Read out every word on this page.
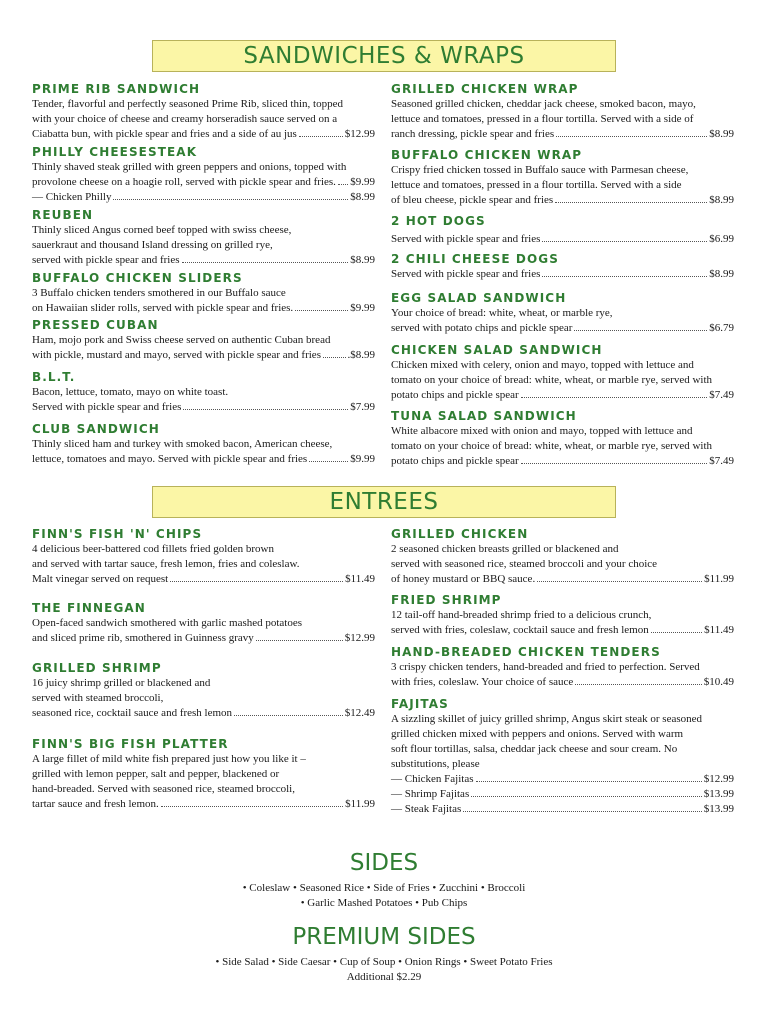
SANDWICHES & WRAPS
PRIME RIB SANDWICH
Tender, flavorful and perfectly seasoned Prime Rib, sliced thin, topped
with your choice of cheese and creamy horseradish sauce served on a
Ciabatta bun, with pickle spear and fries and a side of au jus	$12.99
PHILLY CHEESESTEAK
Thinly shaved steak grilled with green peppers and onions, topped with
provolone cheese on a hoagie roll, served with pickle spear and fries. $9.99
— Chicken Philly	$8.99
REUBEN
Thinly sliced Angus corned beef topped with swiss cheese,
sauerkraut and thousand Island dressing on grilled rye,
served with pickle spear and fries	$8.99
BUFFALO CHICKEN SLIDERS
3 Buffalo chicken tenders smothered in our Buffalo sauce
on Hawaiian slider rolls, served with pickle spear and fries.	$9.99
PRESSED CUBAN
Ham, mojo pork and Swiss cheese served on authentic Cuban bread
with pickle, mustard and mayo, served with pickle spear and fries .$8.99
B.L.T.
Bacon, lettuce, tomato, mayo on white toast.
Served with pickle spear and fries	$7.99
CLUB SANDWICH
Thinly sliced ham and turkey with smoked bacon, American cheese,
lettuce, tomatoes and mayo. Served with pickle spear and fries	$9.99
GRILLED CHICKEN WRAP
Seasoned grilled chicken, cheddar jack cheese, smoked bacon, mayo,
lettuce and tomatoes, pressed in a flour tortilla. Served with a side of
ranch dressing, pickle spear and fries	$8.99
BUFFALO CHICKEN WRAP
Crispy fried chicken tossed in Buffalo sauce with Parmesan cheese,
lettuce and tomatoes, pressed in a flour tortilla. Served with a side
of bleu cheese, pickle spear and fries	$8.99
2 HOT DOGS
Served with pickle spear and fries	$6.99
2 CHILI CHEESE DOGS
Served with pickle spear and fries	$8.99
EGG SALAD SANDWICH
Your choice of bread: white, wheat, or marble rye,
served with potato chips and pickle spear	$6.79
CHICKEN SALAD SANDWICH
Chicken mixed with celery, onion and mayo, topped with lettuce and
tomato on your choice of bread: white, wheat, or marble rye, served with
potato chips and pickle spear	$7.49
TUNA SALAD SANDWICH
White albacore mixed with onion and mayo, topped with lettuce and
tomato on your choice of bread: white, wheat, or marble rye, served with
potato chips and pickle spear	$7.49
ENTREES
FINN'S FISH 'N' CHIPS
4 delicious beer-battered cod fillets fried golden brown
and served with tartar sauce, fresh lemon, fries and coleslaw.
Malt vinegar served on request	$11.49
THE FINNEGAN
Open-faced sandwich smothered with garlic mashed potatoes
and sliced prime rib, smothered in Guinness gravy	$12.99
GRILLED SHRIMP
16 juicy shrimp grilled or blackened and
served with steamed broccoli,
seasoned rice, cocktail sauce and fresh lemon	$12.49
FINN'S BIG FISH PLATTER
A large fillet of mild white fish prepared just how you like it –
grilled with lemon pepper, salt and pepper, blackened or
hand-breaded. Served with seasoned rice, steamed broccoli,
tartar sauce and fresh lemon.	$11.99
GRILLED CHICKEN
2 seasoned chicken breasts grilled or blackened and
served with seasoned rice, steamed broccoli and your choice
of honey mustard or BBQ sauce.	$11.99
FRIED SHRIMP
12 tail-off hand-breaded shrimp fried to a delicious crunch,
served with fries, coleslaw, cocktail sauce and fresh lemon	$11.49
HAND-BREADED CHICKEN TENDERS
3 crispy chicken tenders, hand-breaded and fried to perfection. Served
with fries, coleslaw. Your choice of sauce	$10.49
FAJITAS
A sizzling skillet of juicy grilled shrimp, Angus skirt steak or seasoned
grilled chicken mixed with peppers and onions. Served with warm
soft flour tortillas, salsa, cheddar jack cheese and sour cream. No
substitutions, please
— Chicken Fajitas	$12.99
— Shrimp Fajitas	$13.99
— Steak Fajitas	$13.99
SIDES
• Coleslaw • Seasoned Rice • Side of Fries • Zucchini • Broccoli
• Garlic Mashed Potatoes • Pub Chips
PREMIUM SIDES
• Side Salad • Side Caesar • Cup of Soup • Onion Rings • Sweet Potato Fries
Additional $2.29
